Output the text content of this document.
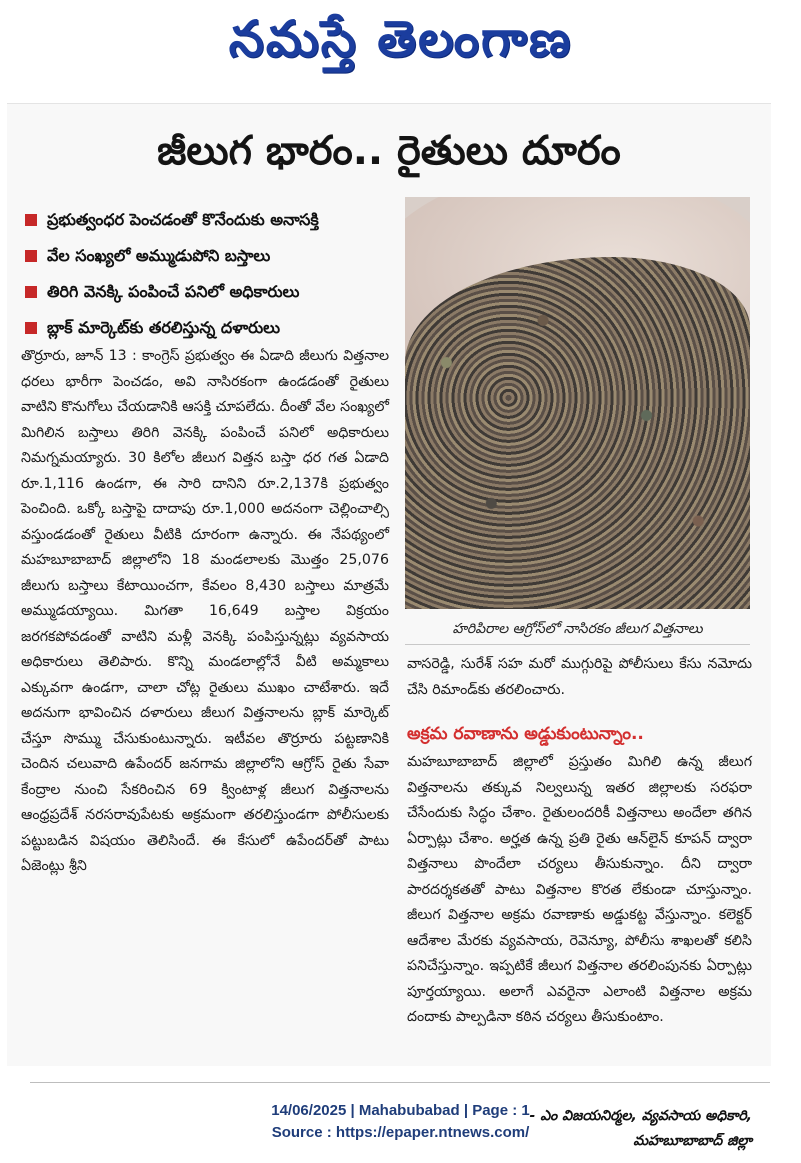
నమస్తే తెలంగాణ
జీలుగ భారం.. రైతులు దూరం
ప్రభుత్వంధర పెంచడంతో కొనేందుకు అనాసక్తి
వేల సంఖ్యలో అమ్ముడుపోని బస్తాలు
తిరిగి వెనక్కి పంపించే పనిలో అధికారులు
బ్లాక్ మార్కెట్‌కు తరలిస్తున్న దళారులు
హరిపిరాల ఆగ్రోస్‌లో నాసిరకం జీలుగ విత్తనాలు
తొర్రూరు, జూన్ 13 : కాంగ్రెస్ ప్రభుత్వం ఈ ఏడాది జీలుగు విత్తనాల ధరలు భారీగా పెంచడం, అవి నాసిరకంగా ఉండడంతో రైతులు వాటిని కొనుగోలు చేయడానికి ఆసక్తి చూపలేదు. దీంతో వేల సంఖ్యలో మిగిలిన బస్తాలు తిరిగి వెనక్కి పంపించే పనిలో అధికారులు నిమగ్నమయ్యారు. 30 కిలోల జీలుగ విత్తన బస్తా ధర గత ఏడాది రూ.1,116 ఉండగా, ఈ సారి దానిని రూ.2,137కి ప్రభుత్వం పెంచింది. ఒక్కో బస్తాపై దాదాపు రూ.1,000 అదనంగా చెల్లించాల్సి వస్తుండడంతో రైతులు వీటికి దూరంగా ఉన్నారు. ఈ నేపథ్యంలో మహబూబాబాద్ జిల్లాలోని 18 మండలాలకు మొత్తం 25,076 జీలుగు బస్తాలు కేటాయించగా, కేవలం 8,430 బస్తాలు మాత్రమే అమ్ముడయ్యాయి. మిగతా 16,649 బస్తాల విక్రయం జరగకపోవడంతో వాటిని మళ్లీ వెనక్కి పంపిస్తున్నట్లు వ్యవసాయ అధికారులు తెలిపారు. కొన్ని మండలాల్లోనే వీటి అమ్మకాలు ఎక్కువగా ఉండగా, చాలా చోట్ల రైతులు ముఖం చాటేశారు. ఇదే అదనుగా భావించిన దళారులు జీలుగ విత్తనాలను బ్లాక్ మార్కెట్ చేస్తూ సొమ్ము చేసుకుంటున్నారు. ఇటీవల తొర్రూరు పట్టణానికి చెందిన చలువాది ఉపేందర్ జనగామ జిల్లాలోని ఆగ్రోస్ రైతు సేవా కేంద్రాల నుంచి సేకరించిన 69 క్వింటాళ్ల జీలుగ విత్తనాలను ఆంధ్రప్రదేశ్ నరసరావుపేటకు అక్రమంగా తరలిస్తుండగా పోలీసులకు పట్టుబడిన విషయం తెలిసిందే. ఈ కేసులో ఉపేందర్‌తో పాటు ఏజెంట్లు శ్రీని
వాసరెడ్డి, సురేశ్ సహ మరో ముగ్గురిపై పోలీసులు కేసు నమోదు చేసి రిమాండ్‌కు తరలించారు.
అక్రమ రవాణాను అడ్డుకుంటున్నాం..
మహబూబాబాద్ జిల్లాలో ప్రస్తుతం మిగిలి ఉన్న జీలుగ విత్తనాలను తక్కువ నిల్వలున్న ఇతర జిల్లాలకు సరఫరా చేసేందుకు సిద్ధం చేశాం. రైతులందరికీ విత్తనాలు అందేలా తగిన ఏర్పాట్లు చేశాం. అర్హత ఉన్న ప్రతి రైతు ఆన్‌లైన్ కూపన్ ద్వారా విత్తనాలు పొందేలా చర్యలు తీసుకున్నాం. దీని ద్వారా పారదర్శకతతో పాటు విత్తనాల కొరత లేకుండా చూస్తున్నాం. జీలుగ విత్తనాల అక్రమ రవాణాకు అడ్డుకట్ట వేస్తున్నాం. కలెక్టర్ ఆదేశాల మేరకు వ్యవసాయ, రెవెన్యూ, పోలీసు శాఖలతో కలిసి పనిచేస్తున్నాం. ఇప్పటికే జీలుగ విత్తనాల తరలింపునకు ఏర్పాట్లు పూర్తయ్యాయి. అలాగే ఎవరైనా ఎలాంటి విత్తనాల అక్రమ దందాకు పాల్పడినా కఠిన చర్యలు తీసుకుంటాం.
- ఎం విజయనిర్మల, వ్యవసాయ అధికారి,
మహబూబాబాద్ జిల్లా
14/06/2025 | Mahabubabad | Page : 1
Source : https://epaper.ntnews.com/
